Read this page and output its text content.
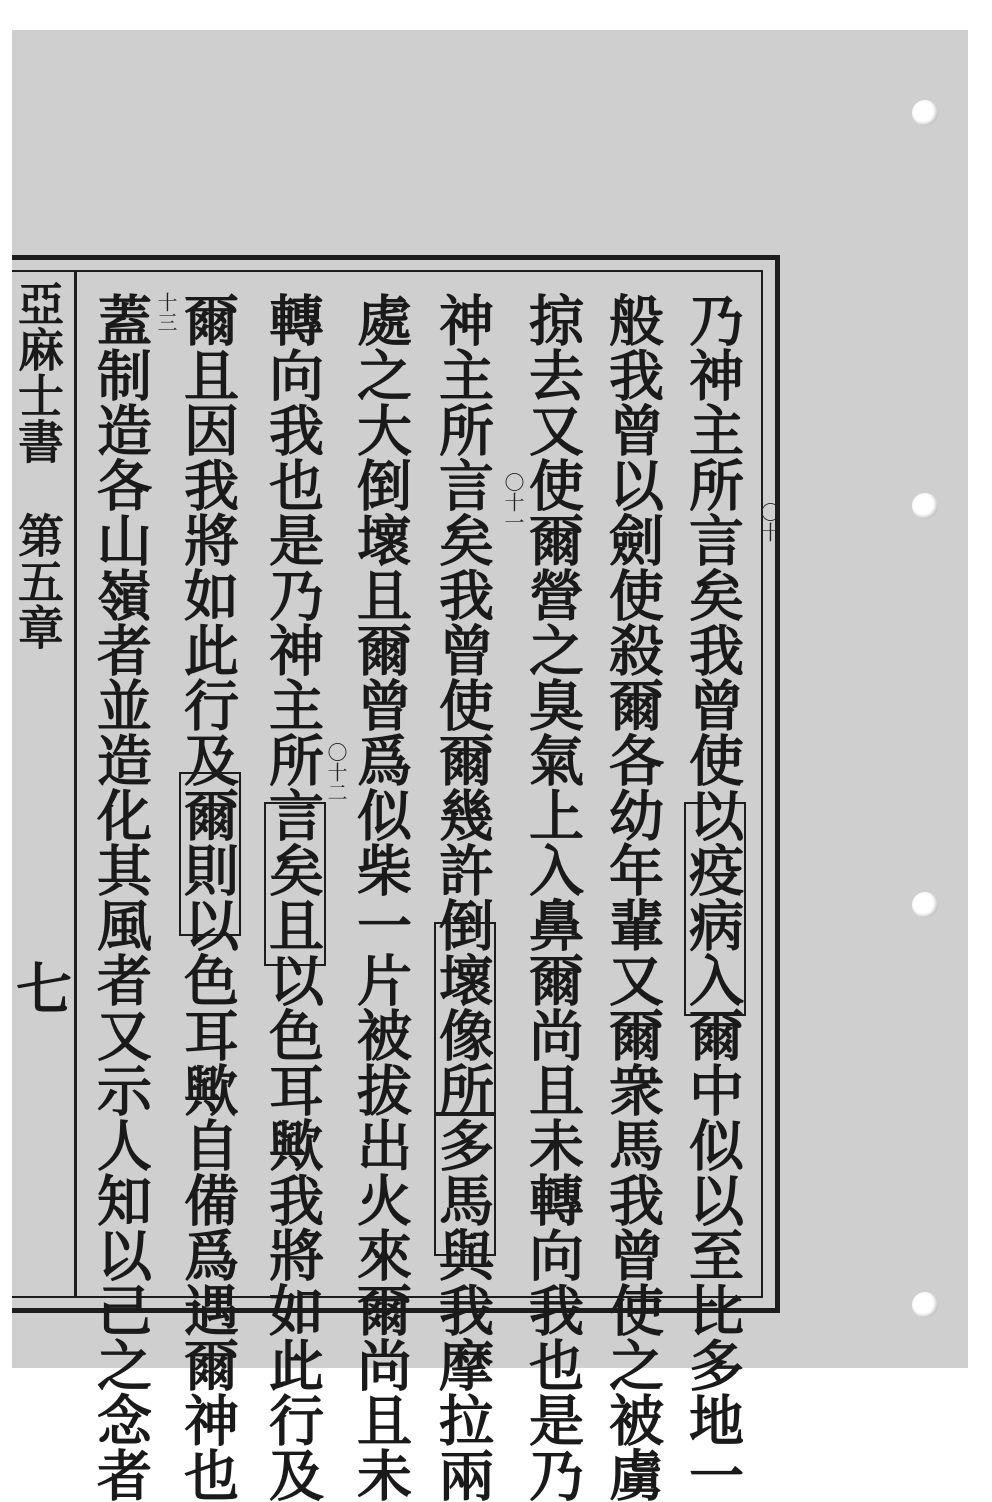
亞麻士書
第五章
七	乃神主所言矣我曾使以疫病入爾中似以至比多地一
般我曾以劍使殺爾各幼年輩又爾衆馬我曾使之被虜
掠去又使爾營之臭氣上入鼻爾尚且未轉向我也是乃
神主所言矣我曾使爾幾許倒壞像所多馬與我摩拉兩
處之大倒壞且爾曾爲似柴一片被拔出火來爾尚且未
轉向我也是乃神主所言矣且以色耳歟我將如此行及
爾且因我將如此行及爾則以色耳歟自備爲遇爾神也
蓋制造各山嶺者並造化其風者又示人知以己之念者	〇十
〇十一
〇十二
十三
